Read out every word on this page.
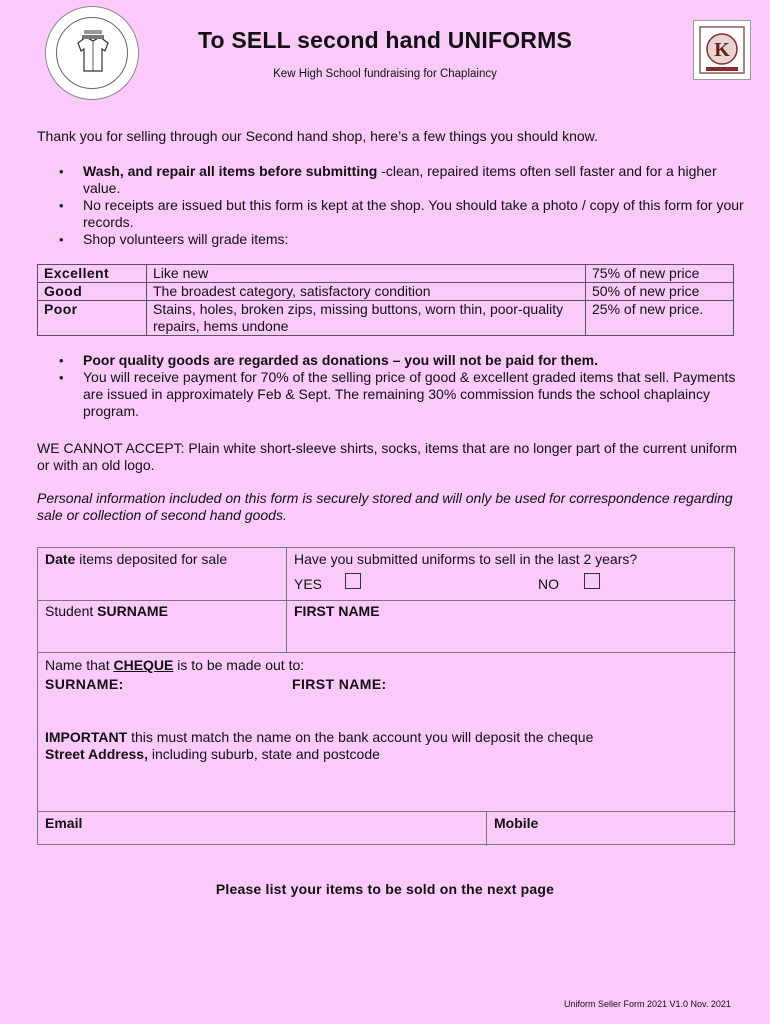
K
To SELL second hand UNIFORMS
Kew High School fundraising for Chaplaincy
Thank you for selling through our Second hand shop, here’s a few things you should know.
• Wash, and repair all items before submitting -clean, repaired items often sell faster and for a higher value.
• No receipts are issued but this form is kept at the shop. You should take a photo / copy of this form for your records.
• Shop volunteers will grade items:
Excellent	Like new	75% of new price
Good	The broadest category, satisfactory condition	50% of new price
Poor	Stains, holes, broken zips, missing buttons, worn thin, poor-quality repairs, hems undone	25% of new price.
• Poor quality goods are regarded as donations – you will not be paid for them.
• You will receive payment for 70% of the selling price of good & excellent graded items that sell. Payments are issued in approximately Feb & Sept. The remaining 30% commission funds the school chaplaincy program.
WE CANNOT ACCEPT: Plain white short-sleeve shirts, socks, items that are no longer part of the current uniform or with an old logo.
Personal information included on this form is securely stored and will only be used for correspondence regarding sale or collection of second hand goods.
Date items deposited for sale	Have you submitted uniforms to sell in the last 2 years?
YES	NO
Student SURNAME	FIRST NAME
Name that CHEQUE is to be made out to:
SURNAME:	FIRST NAME:
IMPORTANT this must match the name on the bank account you will deposit the cheque
Street Address, including suburb, state and postcode
Email	Mobile
Please list your items to be sold on the next page
Uniform Seller Form 2021 V1.0 Nov. 2021
